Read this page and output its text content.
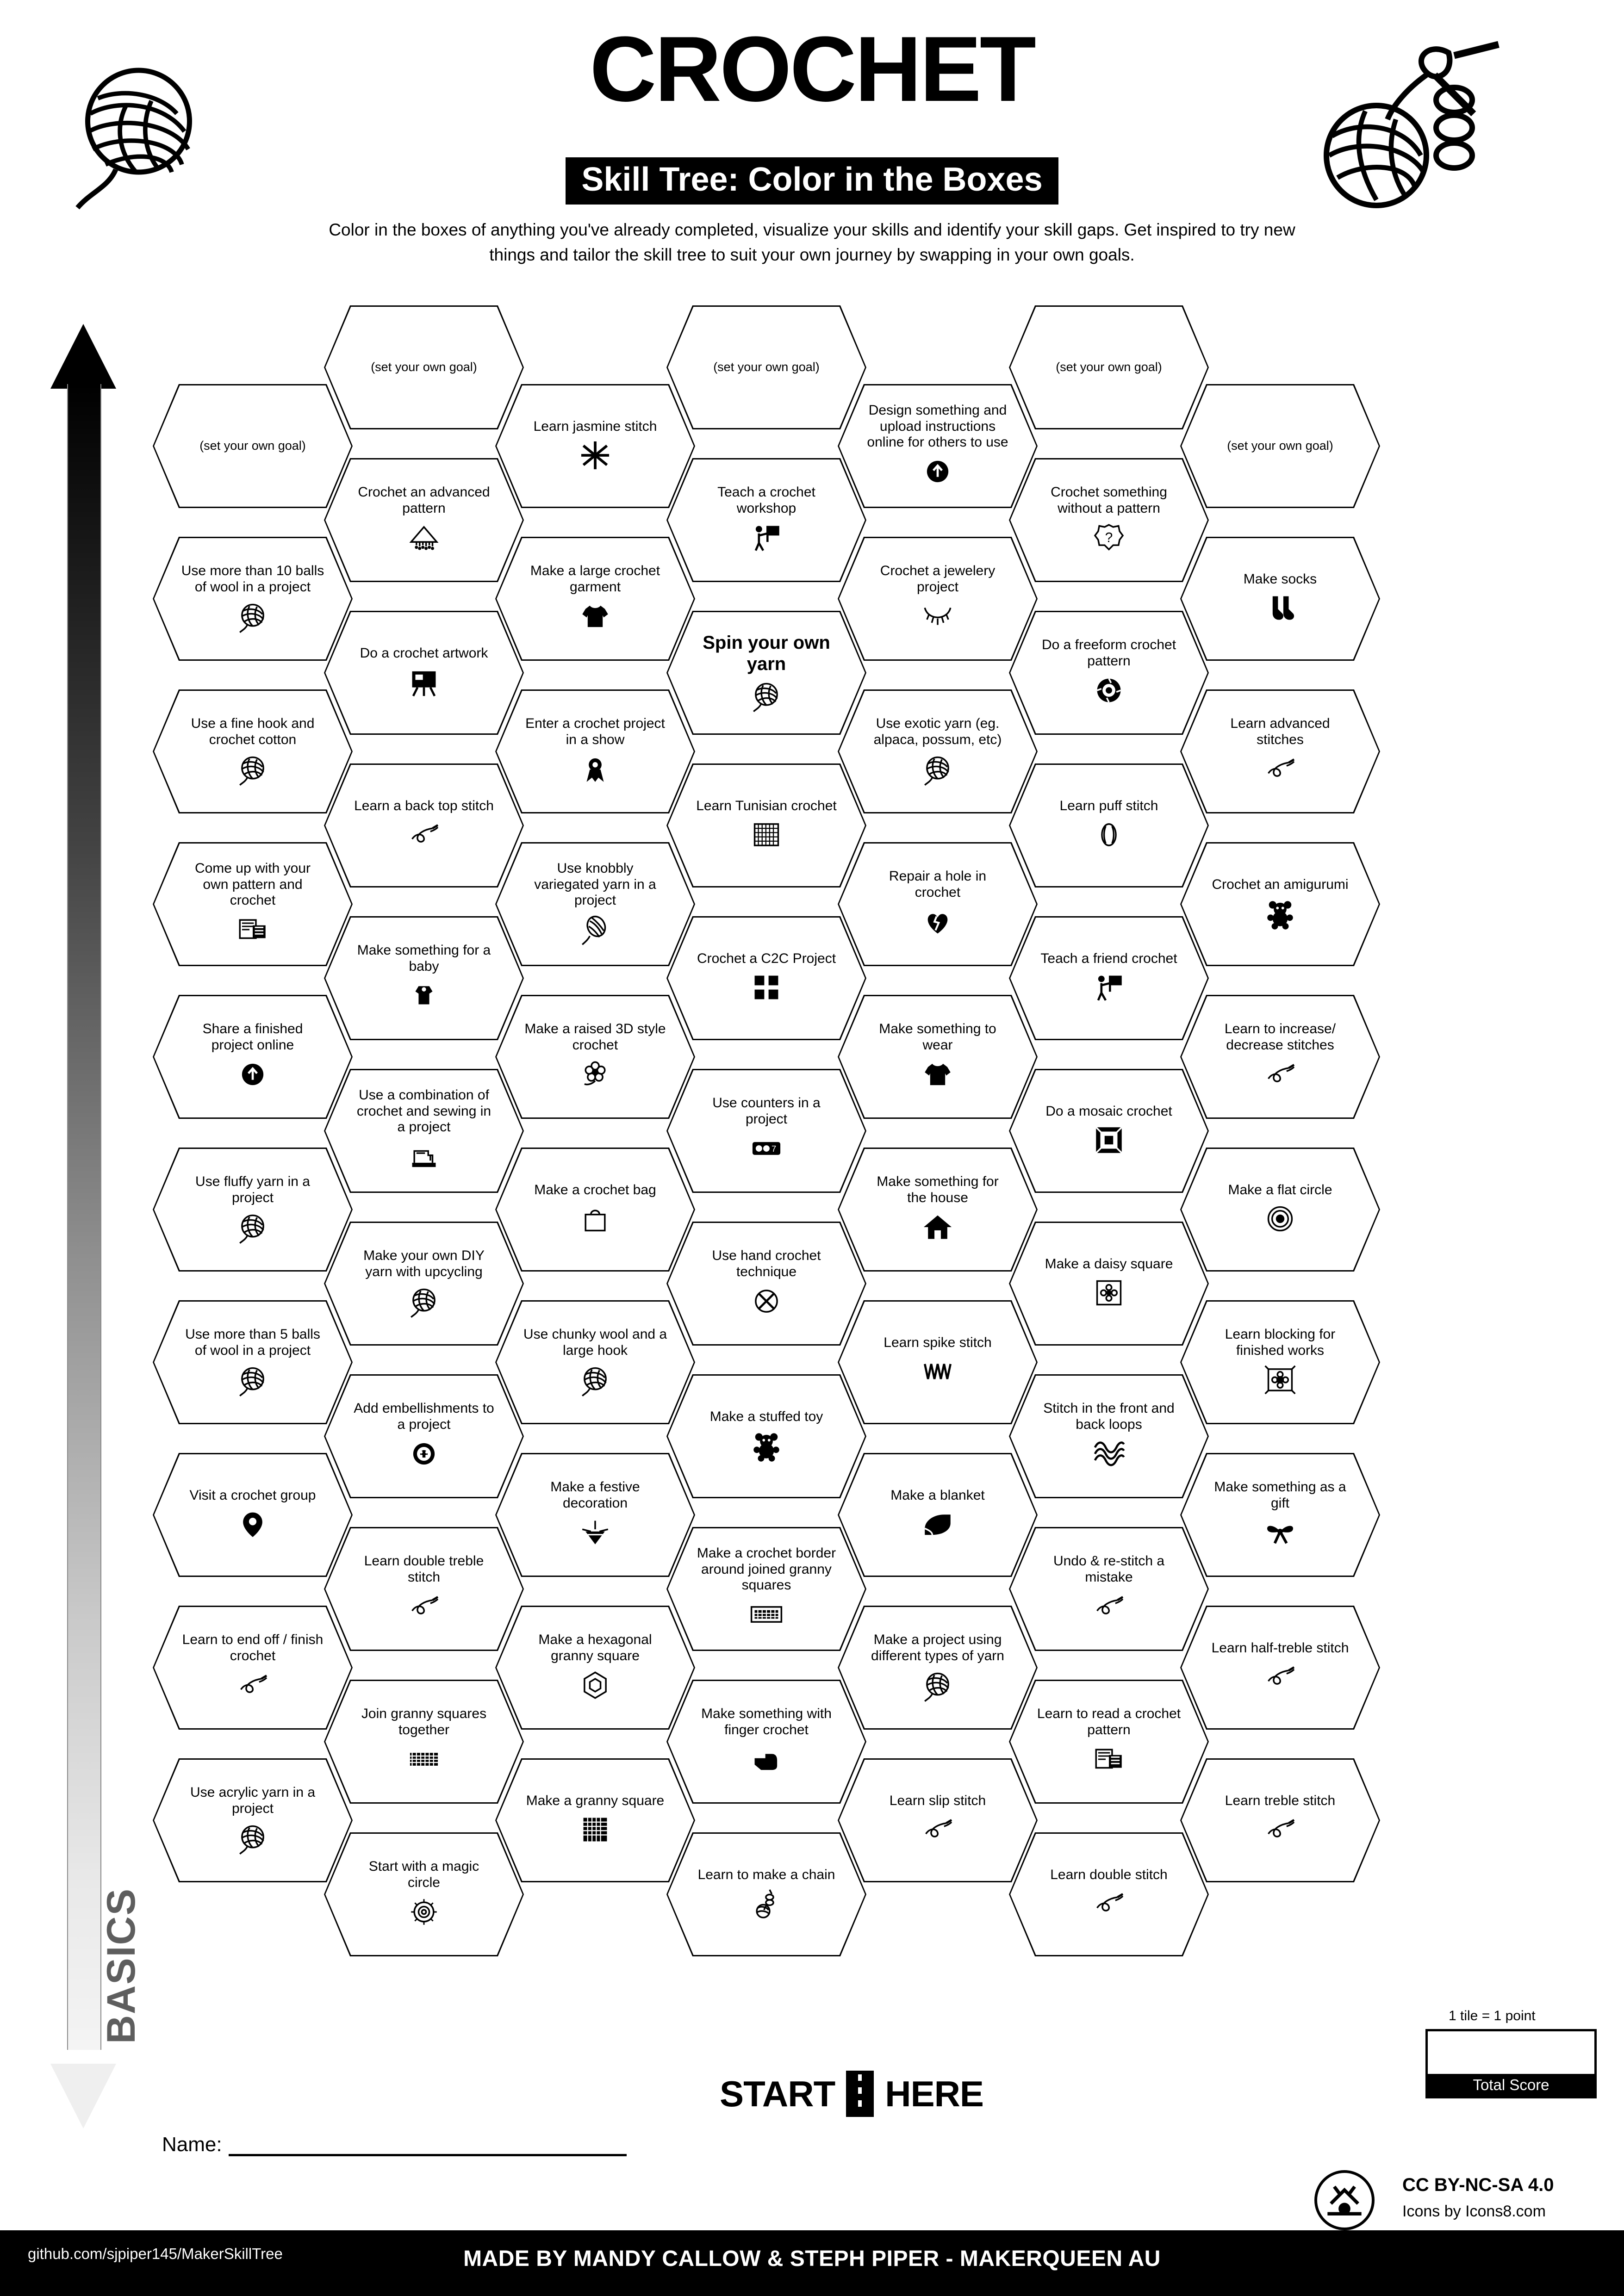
CROCHET
Skill Tree: Color in the Boxes
Color in the boxes of anything you've already completed, visualize your skills and identify your skill gaps. Get inspired to try new things and tailor the skill tree to suit your own journey by swapping in your own goals.
ADVANCED
BASICS
(set your own goal)
Use more than 10 balls of wool in a project
Use a fine hook and crochet cotton
Come up with your own pattern and crochet
Share a finished project online
Use fluffy yarn in a project
Use more than 5 balls of wool in a project
Visit a crochet group
Learn to end off / finish crochet
Use acrylic yarn in a project
(set your own goal)
Crochet an advanced pattern
Do a crochet artwork
Learn a back top stitch
Make something for a baby
Use a combination of crochet and sewing in a project
Make your own DIY yarn with upcycling
Add embellishments to a project
Learn double treble stitch
Join granny squares together
Start with a magic circle
Learn jasmine stitch
Make a large crochet garment
Enter a crochet project in a show
Use knobbly variegated yarn in a project
Make a raised 3D style crochet
Make a crochet bag
Use chunky wool and a large hook
Make a festive decoration
Make a hexagonal granny square
Make a granny square
(set your own goal)
Teach a crochet workshop
Spin your own yarn
Learn Tunisian crochet
Crochet a C2C Project
Use counters in a project
7
Use hand crochet technique
Make a stuffed toy
Make a crochet border around joined granny squares
Make something with finger crochet
Learn to make a chain
Design something and upload instructions online for others to use
Crochet a jewelery project
Use exotic yarn (eg. alpaca, possum, etc)
Repair a hole in crochet
Make something to wear
Make something for the house
Learn spike stitch
Make a blanket
Make a project using different types of yarn
Learn slip stitch
(set your own goal)
Crochet something without a pattern
?
Do a freeform crochet pattern
Learn puff stitch
Teach a friend crochet
Do a mosaic crochet
Make a daisy square
Stitch in the front and back loops
Undo & re-stitch a mistake
Learn to read a crochet pattern
Learn double stitch
(set your own goal)
Make socks
Learn advanced stitches
Crochet an amigurumi
Learn to increase/ decrease stitches
Make a flat circle
Learn blocking for finished works
Make something as a gift
Learn half-treble stitch
Learn treble stitch
START HERE
1 tile = 1 point
Total Score
Name:
CC BY-NC-SA 4.0
Icons by Icons8.com
MADE BY MANDY CALLOW & STEPH PIPER - MAKERQUEEN AU
github.com/sjpiper145/MakerSkillTree
